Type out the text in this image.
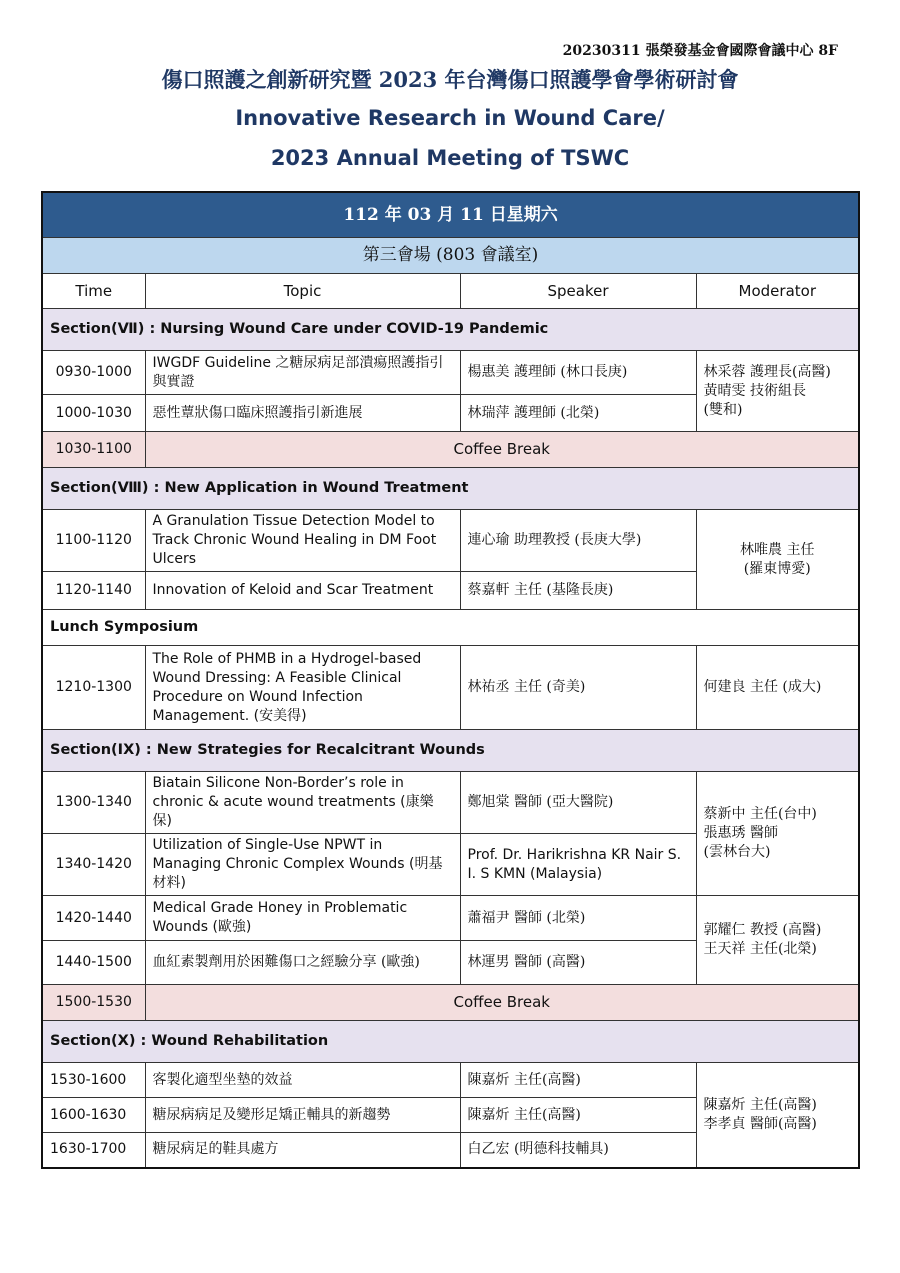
20230311 張榮發基金會國際會議中心 8F
傷口照護之創新研究暨 2023 年台灣傷口照護學會學術研討會
Innovative Research in Wound Care/
2023 Annual Meeting of TSWC
112 年 03 月 11 日星期六			
第三會場 (803 會議室)			
Time	Topic	Speaker	Moderator
Section(Ⅶ) : Nursing Wound Care under COVID-19 Pandemic			
0930-1000	IWGDF Guideline 之糖尿病足部潰瘍照護指引與實證	楊惠美 護理師 (林口長庚)	林采蓉 護理長(高醫)
黃晴雯 技術組長
(雙和)

1000-1030	惡性蕈狀傷口臨床照護指引新進展	林瑞萍 護理師 (北榮)	
1030-1100	Coffee Break		
Section(Ⅷ) : New Application in Wound Treatment			
1100-1120	A Granulation Tissue Detection Model to Track Chronic Wound Healing in DM Foot Ulcers	連心瑜 助理教授 (長庚大學)	林唯農 主任
(羅東博愛)

1120-1140	Innovation of Keloid and Scar Treatment	蔡嘉軒 主任 (基隆長庚)	
Lunch Symposium			
1210-1300	The Role of PHMB in a Hydrogel-based Wound Dressing: A Feasible Clinical Procedure on Wound Infection Management. (安美得)	林祐丞 主任 (奇美)	何建良 主任 (成大)

Section(IX) : New Strategies for Recalcitrant Wounds			
1300-1340	Biatain Silicone Non-Border’s role in chronic & acute wound treatments (康樂保)	鄭旭棠 醫師 (亞大醫院)	蔡新中 主任(台中)
張惠琇 醫師
(雲林台大)

1340-1420	Utilization of Single-Use NPWT in Managing Chronic Complex Wounds (明基材料)	Prof. Dr. Harikrishna KR Nair S. I. S KMN (Malaysia)	
1420-1440	Medical Grade Honey in Problematic Wounds (歐強)	蕭福尹 醫師 (北榮)	郭耀仁 教授 (高醫)
王天祥 主任(北榮)

1440-1500	血紅素製劑用於困難傷口之經驗分享 (歐強)	林運男 醫師 (高醫)	
1500-1530	Coffee Break		
Section(X) : Wound Rehabilitation			
1530-1600	客製化適型坐墊的效益	陳嘉炘 主任(高醫)	陳嘉炘 主任(高醫)
李孝貞 醫師(高醫)

1600-1630	糖尿病病足及變形足矯正輔具的新趨勢	陳嘉炘 主任(高醫)	
1630-1700	糖尿病足的鞋具處方	白乙宏 (明德科技輔具)	
